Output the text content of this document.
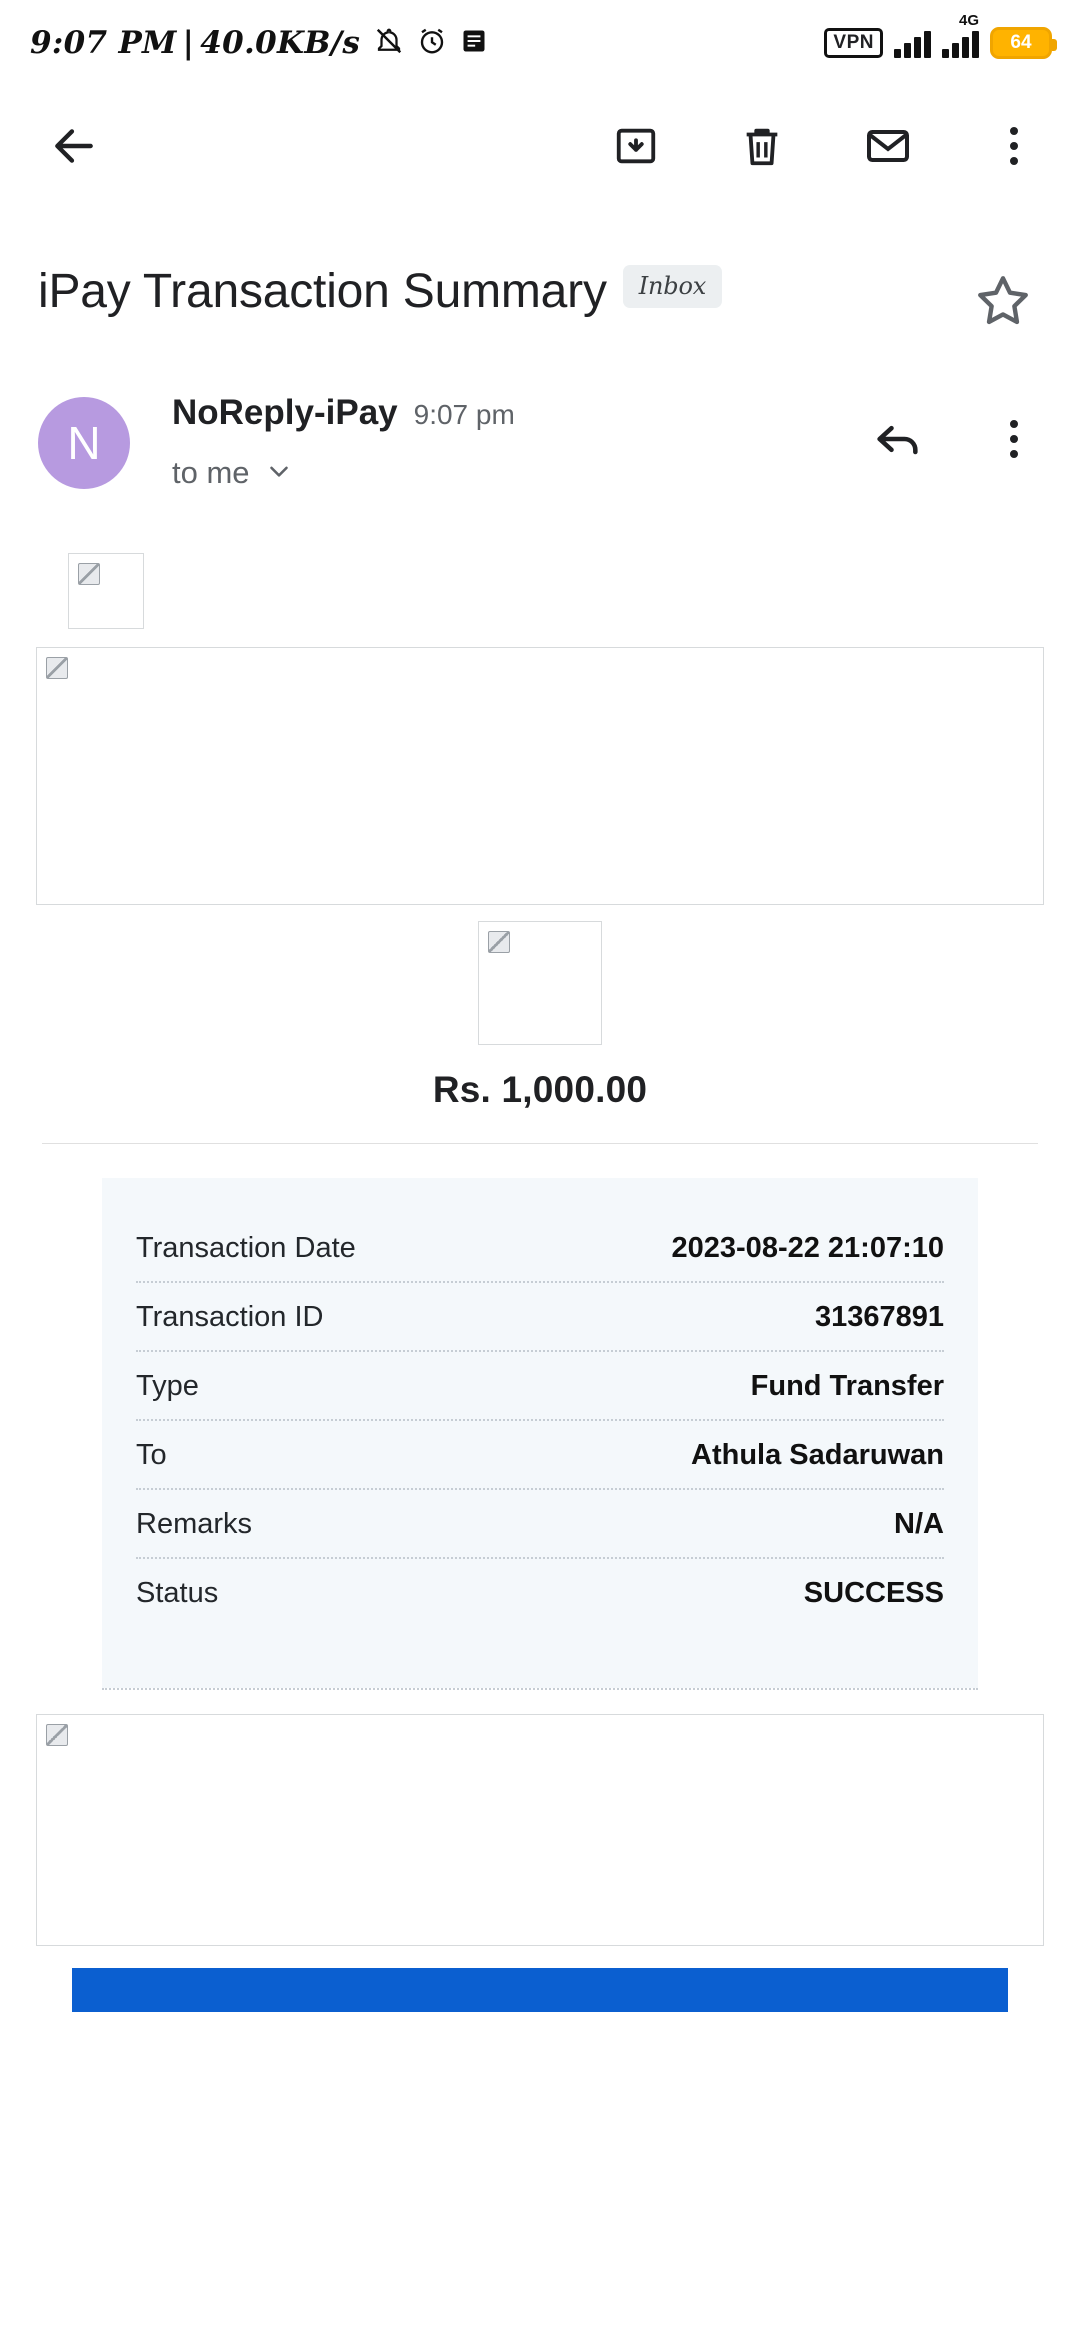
9:07 PM | 40.0KB/s	VPN
4G
64
iPay Transaction Summary	Inbox
N
NoReply-iPay 9:07 pm
to me
Rs. 1,000.00
Transaction Date	2023-08-22 21:07:10
Transaction ID	31367891
Type	Fund Transfer
To	Athula Sadaruwan
Remarks	N/A
Status	SUCCESS
